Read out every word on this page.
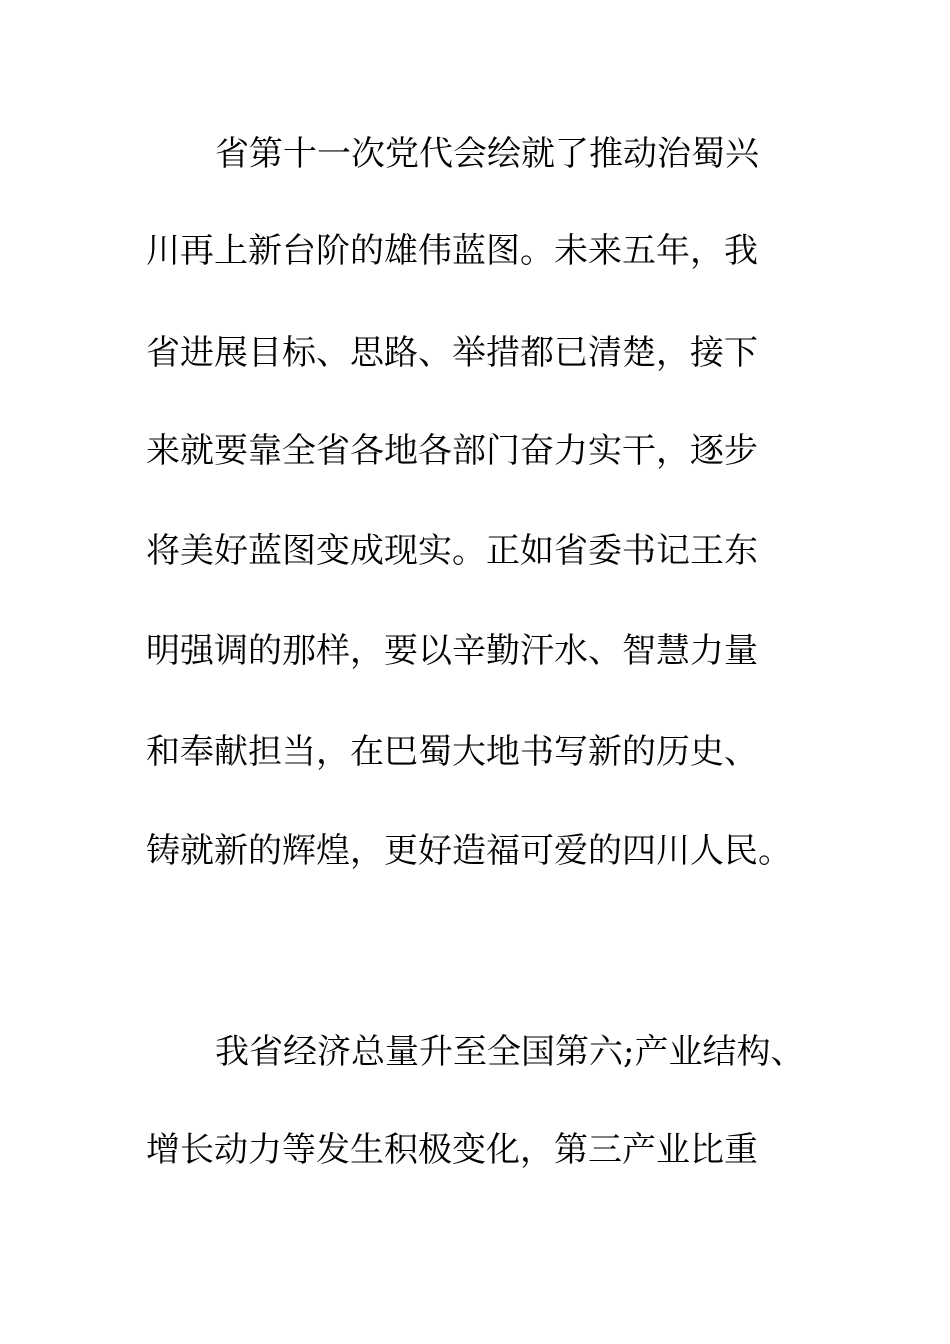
省第十一次党代会绘就了推动治蜀兴
川再上新台阶的雄伟蓝图。未来五年，我
省进展目标、思路、举措都已清楚，接下
来就要靠全省各地各部门奋力实干，逐步
将美好蓝图变成现实。正如省委书记王东
明强调的那样，要以辛勤汗水、智慧力量
和奉献担当，在巴蜀大地书写新的历史、
铸就新的辉煌，更好造福可爱的四川人民。
我省经济总量升至全国第六;产业结构、
增长动力等发生积极变化，第三产业比重
